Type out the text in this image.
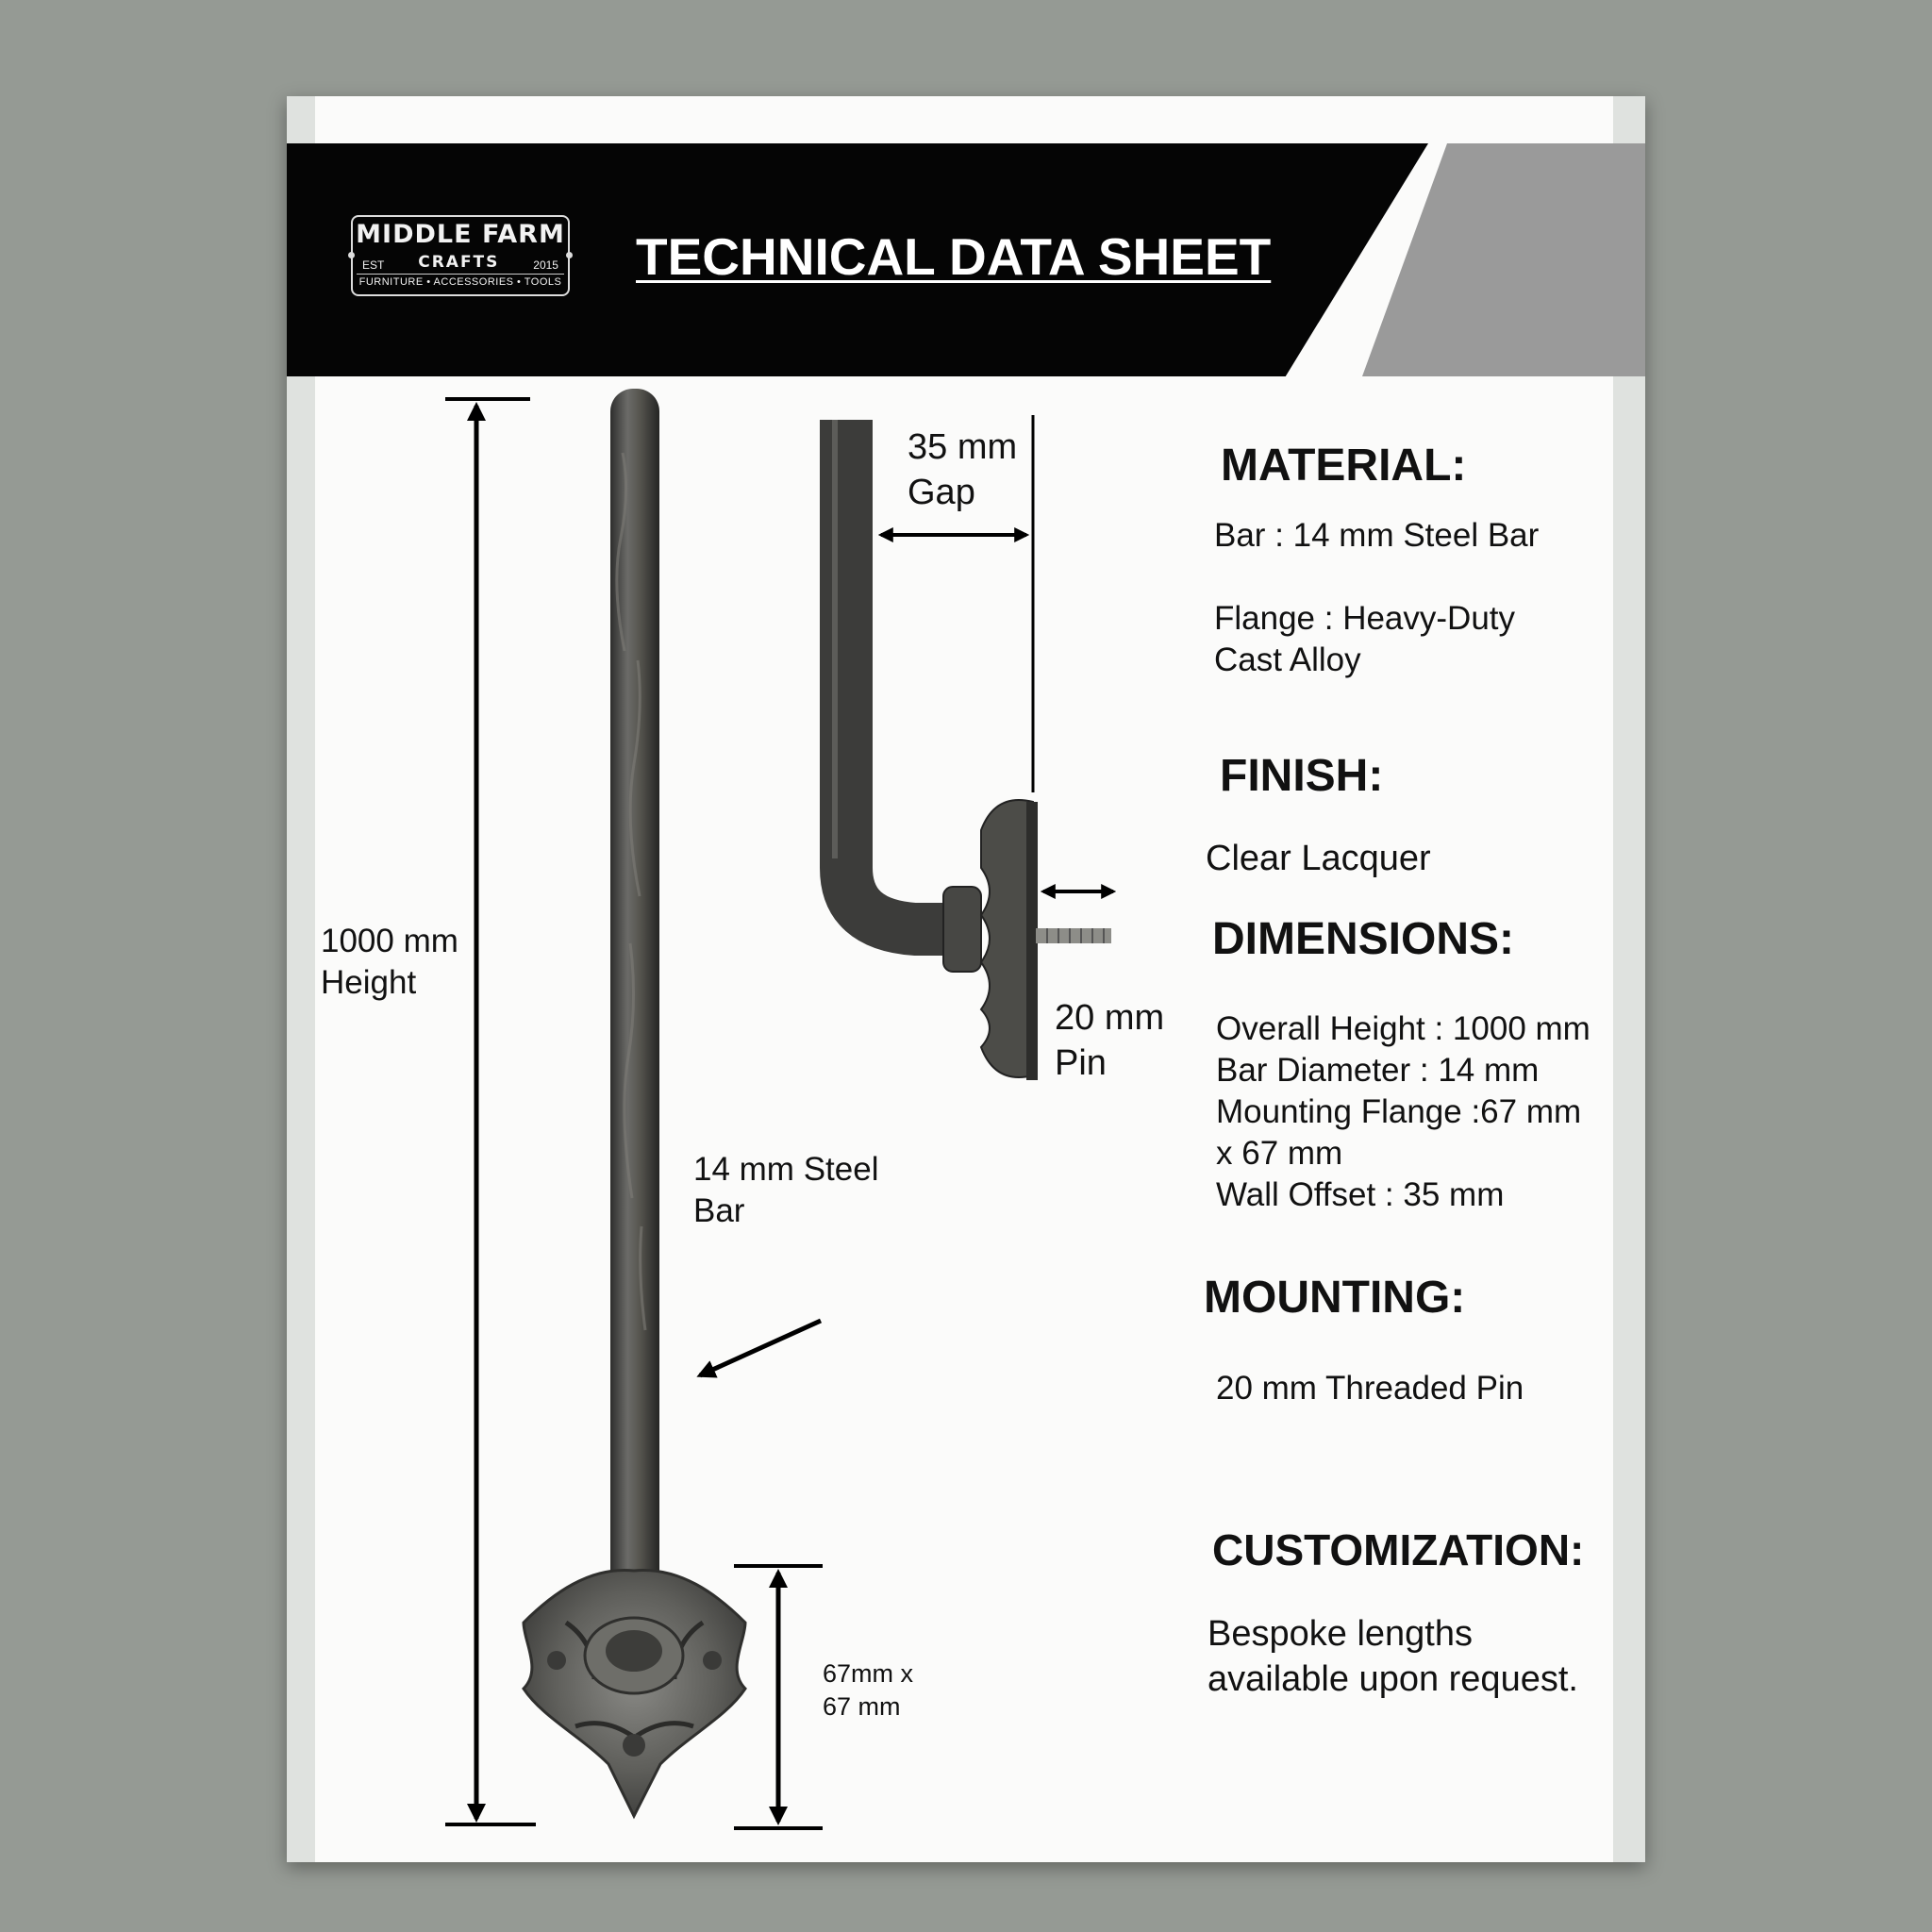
MIDDLE FARM
EST CRAFTS	2015
FURNITURE • ACCESSORIES • TOOLS TECHNICAL DATA SHEET
1000 mm
Height
14 mm Steel
Bar
35 mm
Gap
20 mm
Pin
67mm x
67 mm
MATERIAL:
Bar : 14 mm Steel Bar
Flange : Heavy-Duty
Cast Alloy
FINISH:
Clear Lacquer
DIMENSIONS:
Overall Height : 1000 mm
Bar Diameter : 14 mm
Mounting Flange :67 mm
x 67 mm
Wall Offset : 35 mm
MOUNTING:
20 mm Threaded Pin
CUSTOMIZATION:
Bespoke lengths
available upon request.
